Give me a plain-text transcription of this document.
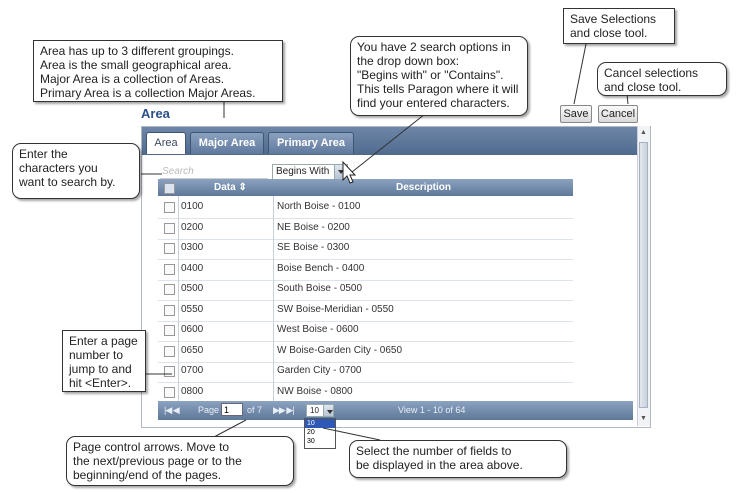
Area	Save	Cancel
Area	Major Area	Primary Area
Search	Begins With
Data ⇕	Description
0100	North Boise - 0100
0200	NE Boise - 0200
0300	SE Boise - 0300
0400	Boise Bench - 0400
0500	South Boise - 0500
0550	SW Boise-Meridian - 0550
0600	West Boise - 0600
0650	W Boise-Garden City - 0650
0700	Garden City - 0700
0800	NW Boise - 0800
|◀ ◀ Page 1	of 7 ▶▶ ▶|	10	View 1 - 10 of 64
▲
▼
10
20
30
Area has up to 3 different groupings.
Area is the small geographical area.
Major Area is a collection of Areas.
Primary Area is a collection Major Areas.
You have 2 search options in
the drop down box:
"Begins with" or "Contains".
This tells Paragon where it will
find your entered characters.
Save Selections
and close tool.
Cancel selections
and close tool.
Enter the
characters you
want to search by.
Enter a page
number to
jump to and
hit <Enter>.
Page control arrows. Move to
the next/previous page or to the
beginning/end of the pages.
Select the number of fields to
be displayed in the area above.
